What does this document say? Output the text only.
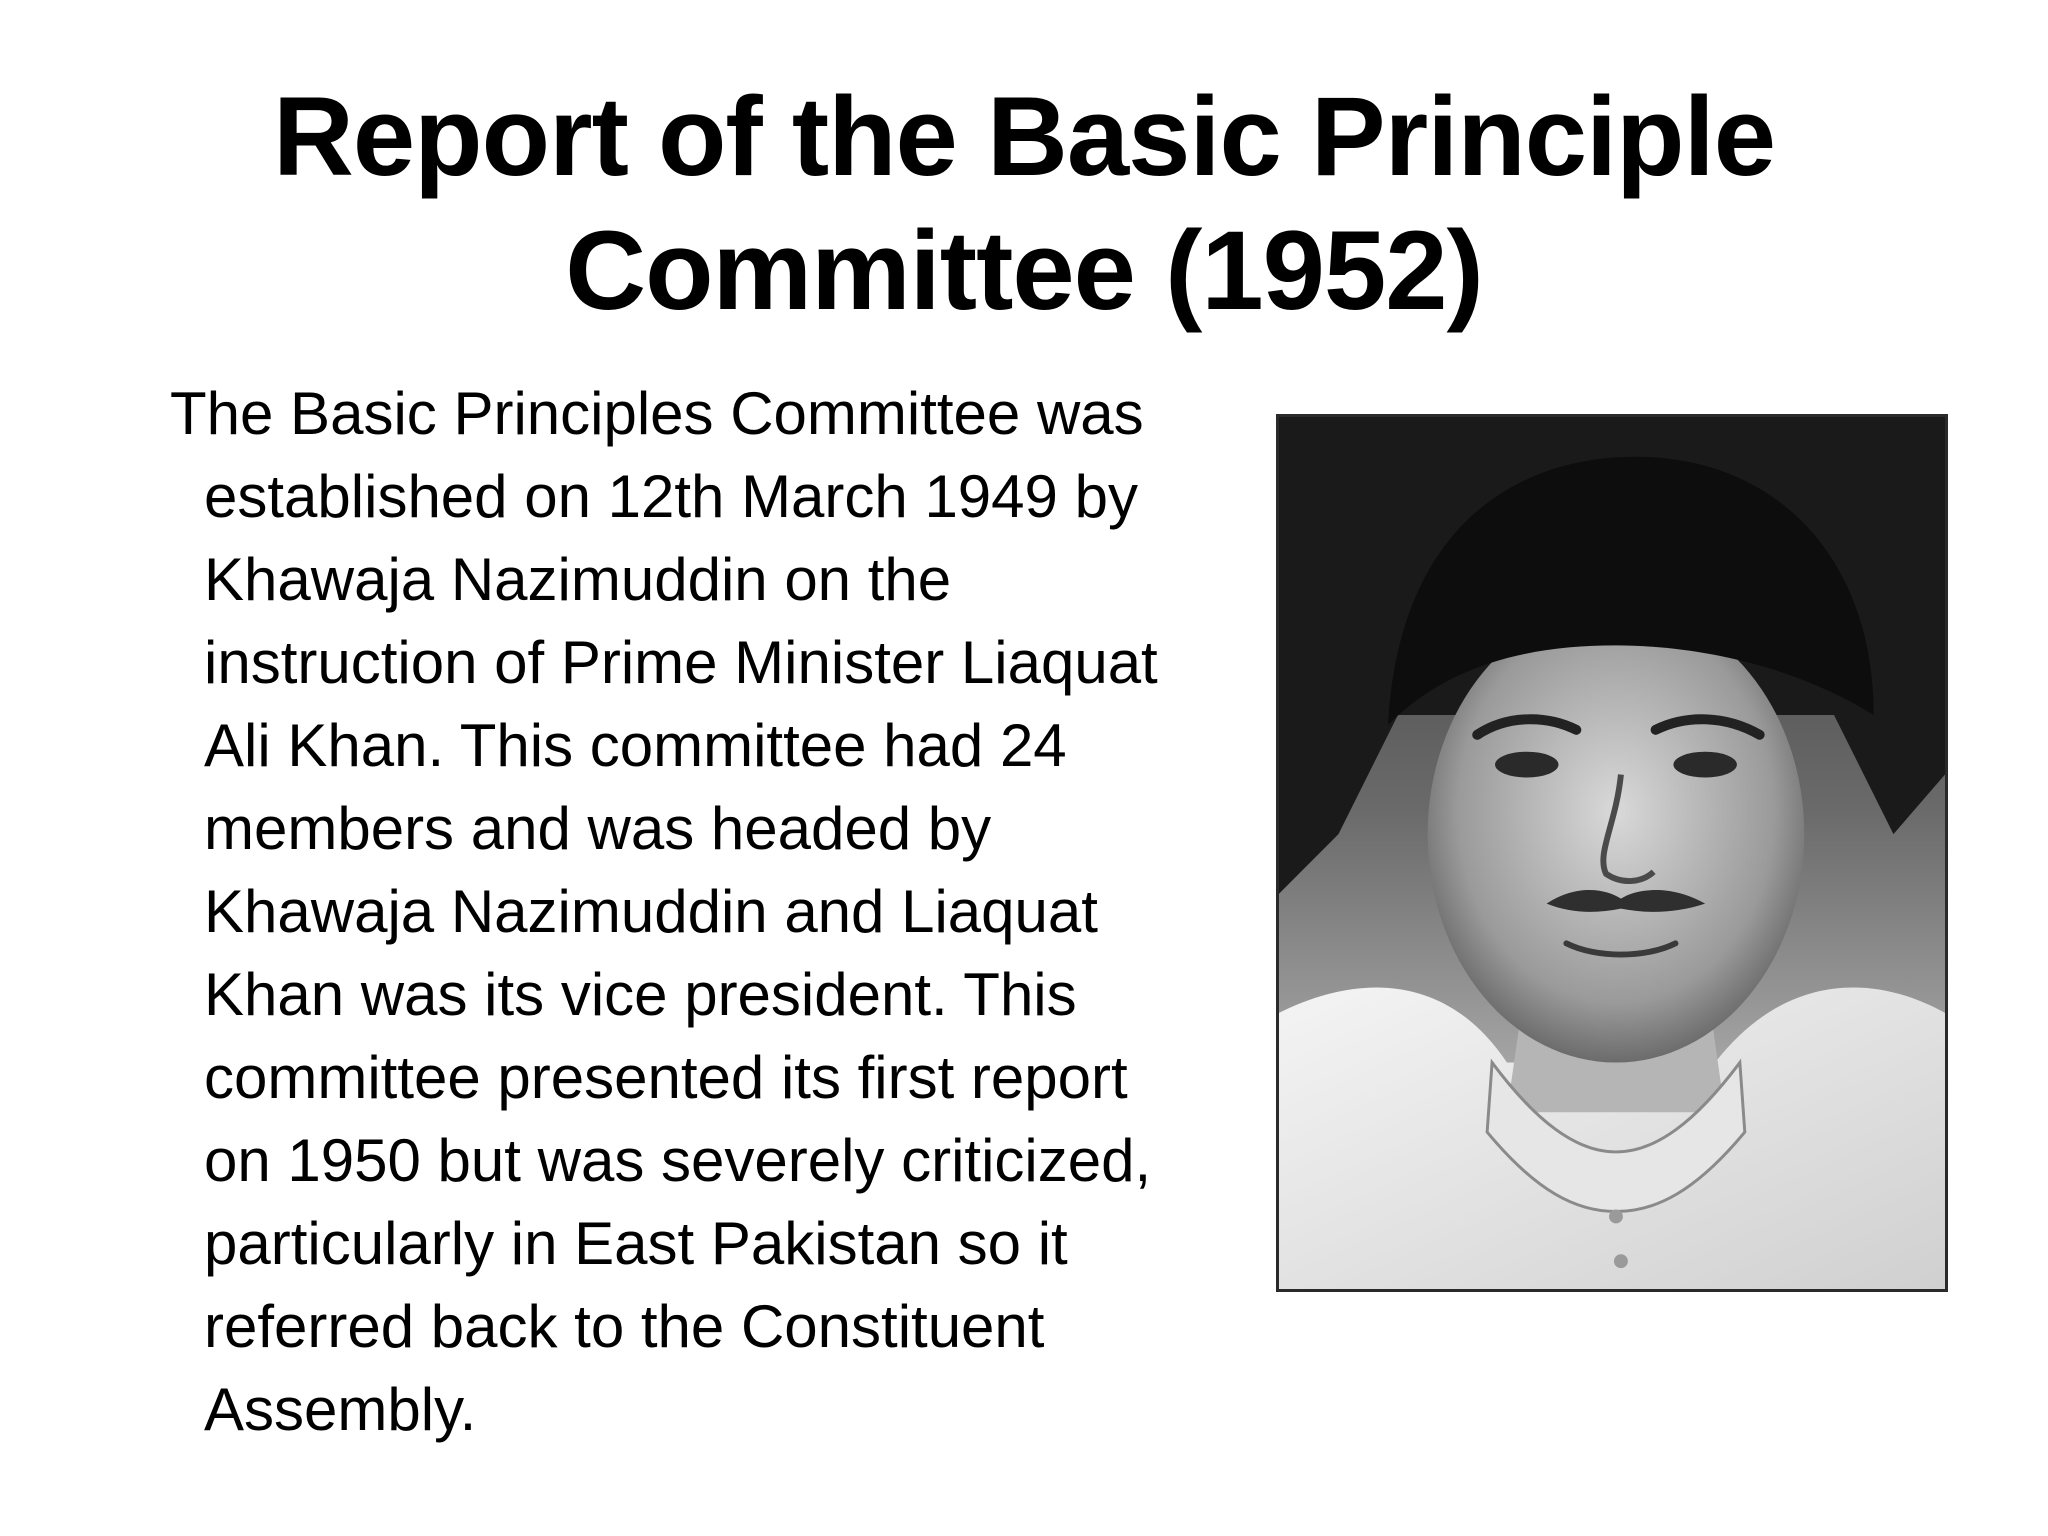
Report of the Basic Principle
Committee (1952)
The Basic Principles Committee was
established on 12th March 1949 by
Khawaja Nazimuddin on the
instruction of Prime Minister Liaquat
Ali Khan. This committee had 24
members and was headed by
Khawaja Nazimuddin and Liaquat
Khan was its vice president. This
committee presented its first report
on 1950 but was severely criticized,
particularly in East Pakistan so it
referred back to the Constituent
Assembly.
